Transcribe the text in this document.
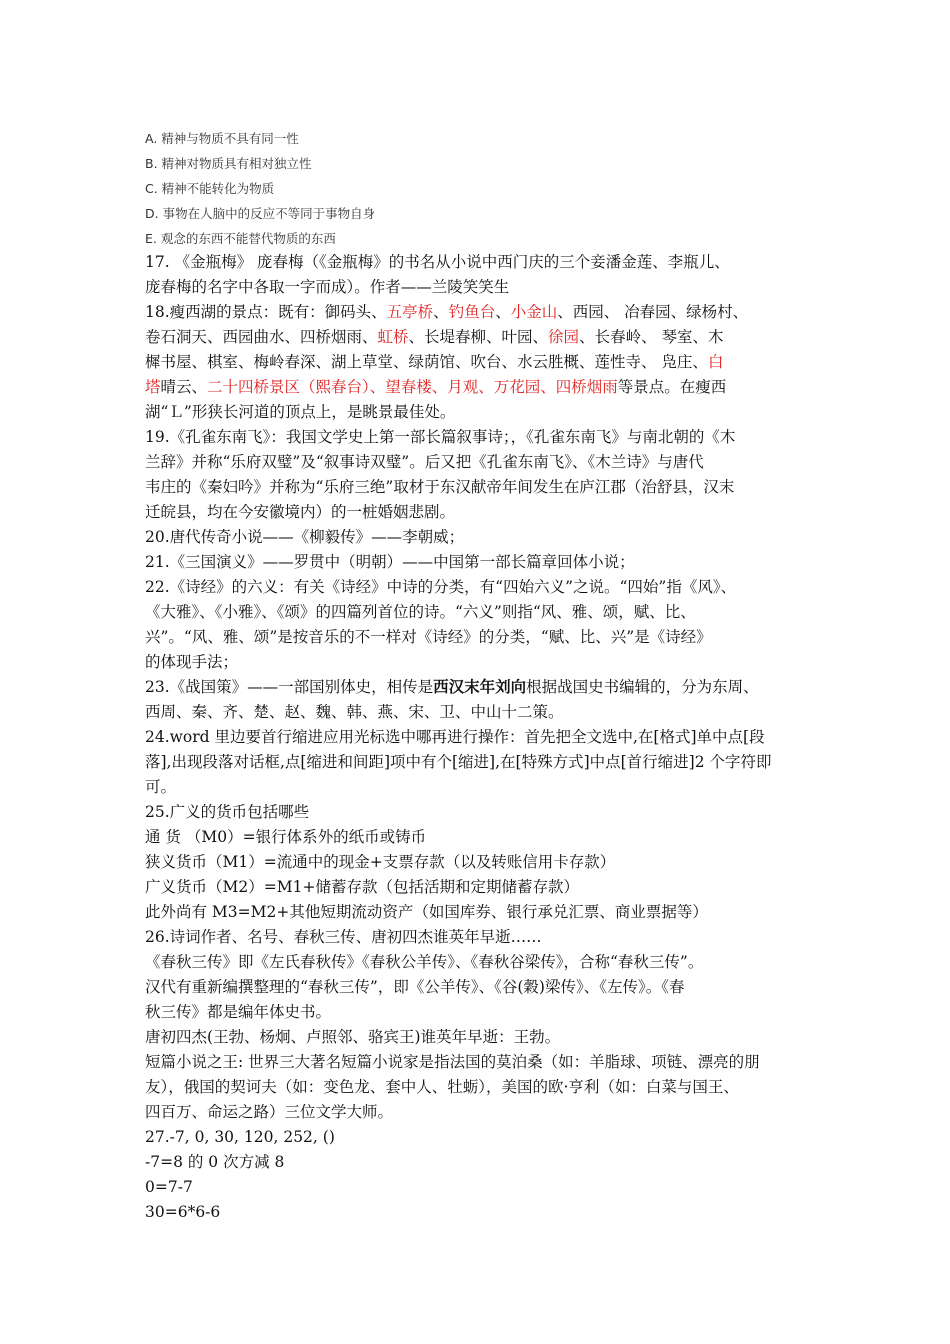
A. 精神与物质不具有同一性
B. 精神对物质具有相对独立性
C. 精神不能转化为物质
D. 事物在人脑中的反应不等同于事物自身
E. 观念的东西不能替代物质的东西
17. 《金瓶梅》 庞春梅（《金瓶梅》的书名从小说中西门庆的三个妾潘金莲、李瓶儿、
庞春梅的名字中各取一字而成）。作者——兰陵笑笑生
18.瘦西湖的景点：既有：御码头、五亭桥、钓鱼台、小金山、西园、 冶春园、绿杨村、
卷石洞天、西园曲水、四桥烟雨、虹桥、长堤春柳、叶园、徐园、长春岭、 琴室、木
樨书屋、棋室、梅岭春深、湖上草堂、绿荫馆、吹台、水云胜概、莲性寺、 凫庄、白
塔晴云、二十四桥景区（熙春台）、望春楼、月观、万花园、四桥烟雨等景点。在瘦西
湖“Ｌ”形狭长河道的顶点上，是眺景最佳处。
19.《孔雀东南飞》：我国文学史上第一部长篇叙事诗；，《孔雀东南飞》与南北朝的《木
兰辞》并称“乐府双璧”及“叙事诗双璧”。后又把《孔雀东南飞》、《木兰诗》与唐代
韦庄的《秦妇吟》并称为“乐府三绝”取材于东汉献帝年间发生在庐江郡（治舒县，汉末
迁皖县，均在今安徽境内）的一桩婚姻悲剧。
20.唐代传奇小说——《柳毅传》——李朝威；
21.《三国演义》——罗贯中（明朝）——中国第一部长篇章回体小说；
22.《诗经》的六义：有关《诗经》中诗的分类，有“四始六义”之说。“四始”指《风》、
《大雅》、《小雅》、《颂》的四篇列首位的诗。“六义”则指“风、雅、颂，赋、比、
兴”。“风、雅、颂”是按音乐的不一样对《诗经》的分类，“赋、比、兴”是《诗经》
的体现手法；
23.《战国策》——一部国别体史，相传是西汉末年刘向根据战国史书编辑的，分为东周、
西周、秦、齐、楚、赵、魏、韩、燕、宋、卫、中山十二策。
24.word 里边要首行缩进应用光标选中哪再进行操作：首先把全文选中,在[格式]单中点[段
落],出现段落对话框,点[缩进和间距]项中有个[缩进],在[特殊方式]中点[首行缩进]2 个字符即
可。
25.广义的货币包括哪些
通 货 （M0）=银行体系外的纸币或铸币
狭义货币（M1）=流通中的现金+支票存款（以及转账信用卡存款）
广义货币（M2）=M1+储蓄存款（包括活期和定期储蓄存款）
此外尚有 M3=M2+其他短期流动资产（如国库券、银行承兑汇票、商业票据等）
26.诗词作者、名号、春秋三传、唐初四杰谁英年早逝……
《春秋三传》即《左氏春秋传》《春秋公羊传》、《春秋谷梁传》，合称“春秋三传”。
汉代有重新编撰整理的“春秋三传”，即《公羊传》、《谷(穀)梁传》、《左传》。《春
秋三传》都是编年体史书。
唐初四杰(王勃、杨炯、卢照邻、骆宾王)谁英年早逝：王勃。
短篇小说之王: 世界三大著名短篇小说家是指法国的莫泊桑（如：羊脂球、项链、漂亮的朋
友），俄国的契诃夫（如：变色龙、套中人、牡蛎），美国的欧·亨利（如：白菜与国王、
四百万、命运之路）三位文学大师。
27.-7, 0, 30, 120, 252, ()
-7=8 的 0 次方减 8
0=7-7
30=6*6-6
